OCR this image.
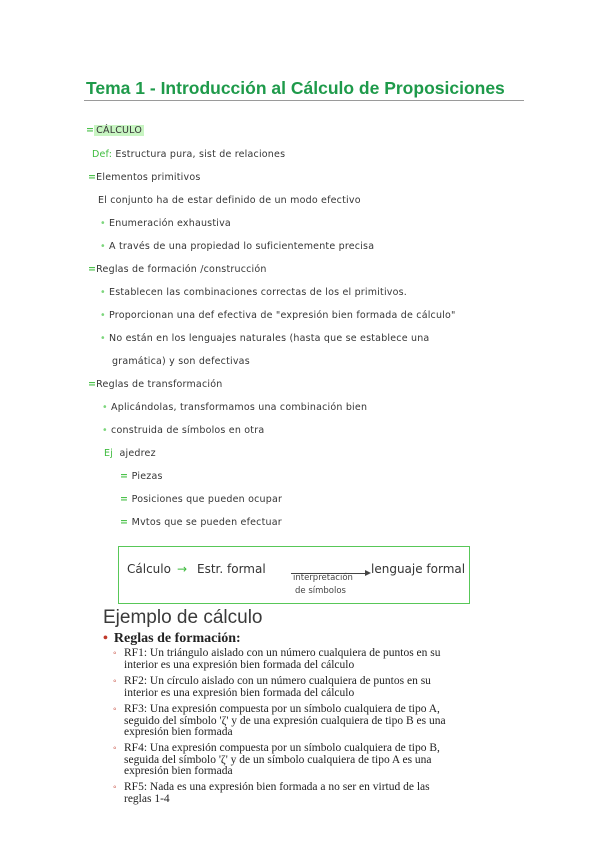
Tema 1 - Introducción al Cálculo de Proposiciones
= CÁLCULO
Def: Estructura pura, sist de relaciones
=Elementos primitivos
El conjunto ha de estar definido de un modo efectivo
• Enumeración exhaustiva
• A través de una propiedad lo suficientemente precisa
=Reglas de formación /construcción
• Establecen las combinaciones correctas de los el primitivos.
• Proporcionan una def efectiva de "expresión bien formada de cálculo"
• No están en los lenguajes naturales (hasta que se establece una
gramática) y son defectivas
=Reglas de transformación
• Aplicándolas, transformamos una combinación bien
• construida de símbolos en otra
Ej ajedrez
= Piezas
= Posiciones que pueden ocupar
= Mvtos que se pueden efectuar
Cálculo → Estr. formal	lenguaje formal
interpretación
de símbolos
Ejemplo de cálculo
• Reglas de formación:
◦ RF1: Un triángulo aislado con un número cualquiera de puntos en su interior es una expresión bien formada del cálculo
◦ RF2: Un círculo aislado con un número cualquiera de puntos en su interior es una expresión bien formada del cálculo
◦ RF3: Una expresión compuesta por un símbolo cualquiera de tipo A, seguido del símbolo 'ζ' y de una expresión cualquiera de tipo B es una expresión bien formada
◦ RF4: Una expresión compuesta por un símbolo cualquiera de tipo B, seguida del símbolo 'ζ' y de un símbolo cualquiera de tipo A es una expresión bien formada
◦ RF5: Nada es una expresión bien formada a no ser en virtud de las reglas 1-4
